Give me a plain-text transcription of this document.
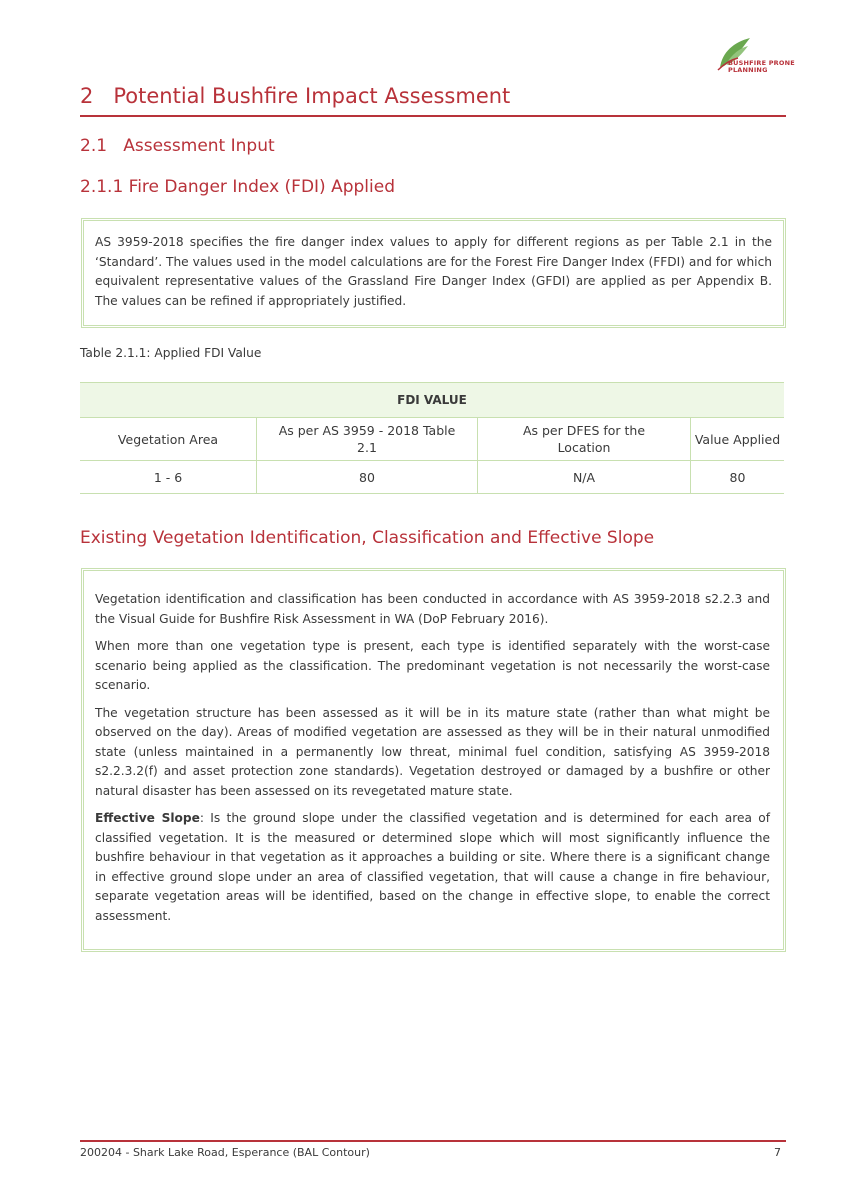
BUSHFIRE PRONE
PLANNING
2   Potential Bushfire Impact Assessment
2.1   Assessment Input
2.1.1 Fire Danger Index (FDI) Applied

AS 3959-2018 specifies the fire danger index values to apply for different regions as per Table 2.1 in the ‘Standard’. The values used in the model calculations are for the Forest Fire Danger Index (FFDI) and for which equivalent representative values of the Grassland Fire Danger Index (GFDI) are applied as per Appendix B. The values can be refined if appropriately justified.

Table 2.1.1: Applied FDI Value
FDI VALUE			
Vegetation Area	As per AS 3959 - 2018 Table 2.1	As per DFES for the Location	Value Applied
1 - 6	80	N/A	80
Existing Vegetation Identification, Classification and Effective Slope

Vegetation identification and classification has been conducted in accordance with AS 3959-2018 s2.2.3 and the Visual Guide for Bushfire Risk Assessment in WA (DoP February 2016).

When more than one vegetation type is present, each type is identified separately with the worst-case scenario being applied as the classification. The predominant vegetation is not necessarily the worst-case scenario.

The vegetation structure has been assessed as it will be in its mature state (rather than what might be observed on the day). Areas of modified vegetation are assessed as they will be in their natural unmodified state (unless maintained in a permanently low threat, minimal fuel condition, satisfying AS 3959-2018 s2.2.3.2(f) and asset protection zone standards). Vegetation destroyed or damaged by a bushfire or other natural disaster has been assessed on its revegetated mature state.

Effective Slope: Is the ground slope under the classified vegetation and is determined for each area of classified vegetation. It is the measured or determined slope which will most significantly influence the bushfire behaviour in that vegetation as it approaches a building or site. Where there is a significant change in effective ground slope under an area of classified vegetation, that will cause a change in fire behaviour, separate vegetation areas will be identified, based on the change in effective slope, to enable the correct assessment.

200204 - Shark Lake Road, Esperance (BAL Contour)	7
